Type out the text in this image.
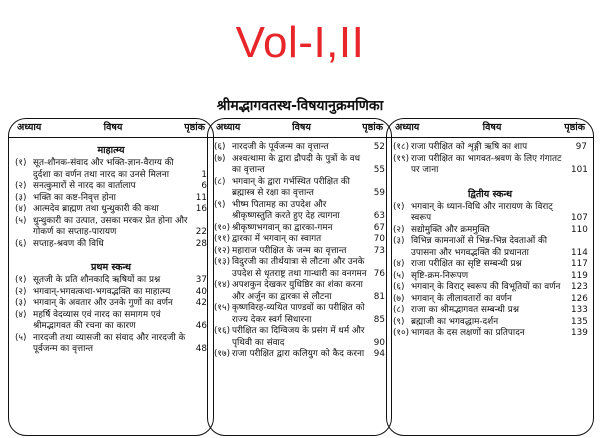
Vol-I,II
श्रीमद्भागवतस्थ-विषयानुक्रमणिका
अध्याय	विषय	पृष्ठांक
माहात्म्य
(१) सूत-शौनक-संवाद और भक्ति-ज्ञान-वैराग्य की दुर्दशा का वर्णन तथा नारद का उनसे मिलना	1
(२) सनत्कुमारों से नारद का वार्तालाप	6
(३) भक्ति का कष्ट-निवृत्त होना	11
(४) आत्मदेव ब्राह्मण तथा धुन्धुकारी की कथा	16
(५) धुन्धुकारी का उत्पात, उसका मरकर प्रेत होना और गोकर्ण का सप्ताह-पारायण	22
(६) सप्ताह-श्रवण की विधि	28
प्रथम स्कन्ध
(१) सूतजी के प्रति शौनकादि ऋषियों का प्रश्न	37
(२) भगवान्-भगवत्कथा-भगवद्भक्ति का माहात्म्य	40
(३) भगवान् के अवतार और उनके गुणों का वर्णन	42
(४) महर्षि वेदव्यास एवं नारद का समागम एवं श्रीमद्भागवत की रचना का कारण	46
(५) नारदजी तथा व्यासजी का संवाद और नारदजी के पूर्वजन्म का वृत्तान्त	48
अध्याय	विषय	पृष्ठांक
(६) नारदजी के पूर्वजन्म का वृत्तान्त	52
(७) अश्वत्थामा के द्वारा द्रौपदी के पुत्रों के वध का वृत्तान्त	55
(८) भगवान् के द्वारा गर्भस्थित परीक्षित की ब्रह्मास्त्र से रक्षा का वृत्तान्त	59
(९) भीष्म पितामह का उपदेश और श्रीकृष्णस्तुति करते हुए देह त्यागना	63
(१०) श्रीकृष्णभगवान् का द्वारका-गमन	67
(११) द्वारका में भगवान् का स्वागत	70
(१२) महाराज परीक्षित के जन्म का वृत्तान्त	73
(१३) विदुरजी का तीर्थयात्रा से लौटना और उनके उपदेश से धृतराष्ट्र तथा गान्धारी का वनगमन 76
(१४) अपशकुन देखकर युधिष्ठिर का शंका करना और अर्जुन का द्वारका से लौटना	81
(१५) कृष्णविरह-व्यथित पाण्डवों का परीक्षित को राज्य देकर स्वर्ग सिधारना	85
(१६) परीक्षित का दिग्विजय के प्रसंग में धर्म और पृथिवी का संवाद	90
(१७) राजा परीक्षित द्वारा कलियुग को कैद करना	94
अध्याय	विषय	पृष्ठांक
(१८) राजा परीक्षित को शृङ्गी ऋषि का शाप	97
(१९) राजा परीक्षित का भागवत-श्रवण के लिए गंगातट पर जाना	101
द्वितीय स्कन्ध
(१) भगवान् के ध्यान-विधि और नारायण के विराट् स्वरूप	107
(२) सद्योमुक्ति और क्रममुक्ति	110
(३) विभिन्न कामनाओं से भिन्न-भिन्न देवताओं की उपासना और भगवद्भक्ति की प्रधानता	114
(४) राजा परीक्षित का सृष्टि सम्बन्धी प्रश्न	117
(५) सृष्टि-क्रम-निरूपण	119
(६) भगवान् के विराट् स्वरूप की विभूतियों का वर्णन	123
(७) भगवान् के लीलावतारों का वर्णन	126
(८) राजा का श्रीमद्भागवत सम्बन्धी प्रश्न	133
(९) ब्रह्माजी का भगवद्धाम-दर्शन	135
(१०) भागवत के दस लक्षणों का प्रतिपादन	139
